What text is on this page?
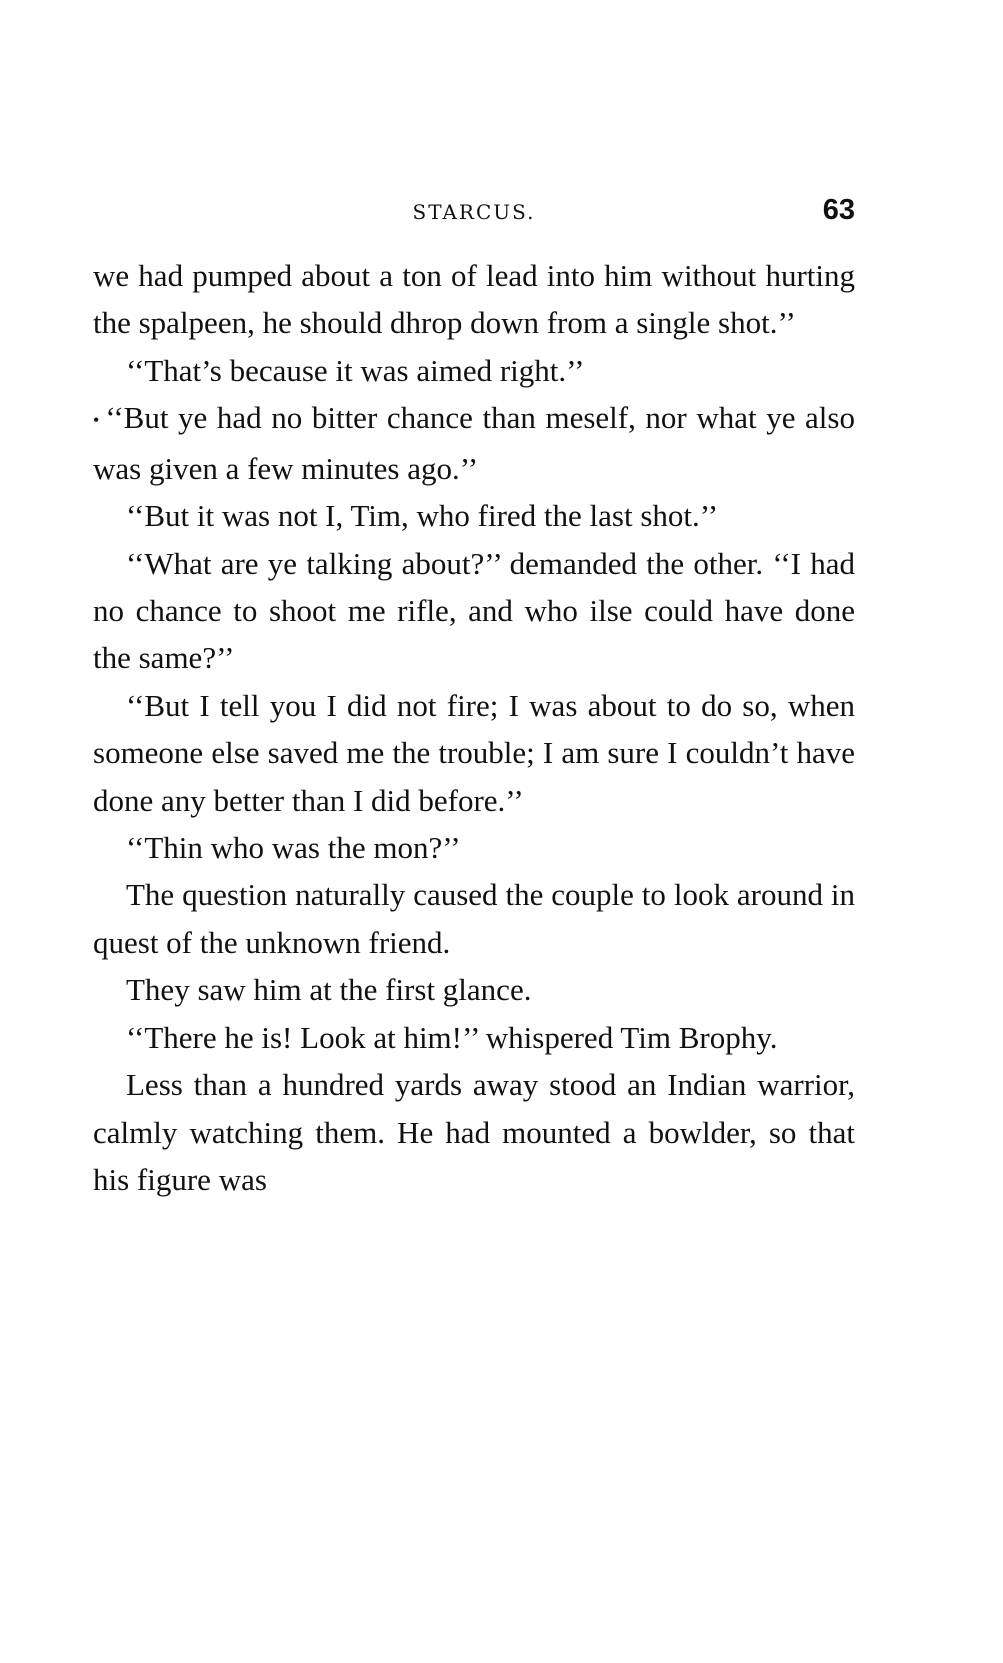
STARCUS.	63

we had pumped about a ton of lead into him without hurting the spalpeen, he should dhrop down from a single shot.’’

‘‘That’s because it was aimed right.’’

• ‘‘But ye had no bitter chance than meself, nor what ye also was given a few minutes ago.’’

‘‘But it was not I, Tim, who fired the last shot.’’

‘‘What are ye talking about?’’ demanded the other. ‘‘I had no chance to shoot me rifle, and who ilse could have done the same?’’

‘‘But I tell you I did not fire; I was about to do so, when someone else saved me the trouble; I am sure I couldn’t have done any better than I did before.’’

‘‘Thin who was the mon?’’

The question naturally caused the couple to look around in quest of the unknown friend.

They saw him at the first glance.

‘‘There he is! Look at him!’’ whispered Tim Brophy.

Less than a hundred yards away stood an Indian warrior, calmly watching them. He had mounted a bowlder, so that his figure was
